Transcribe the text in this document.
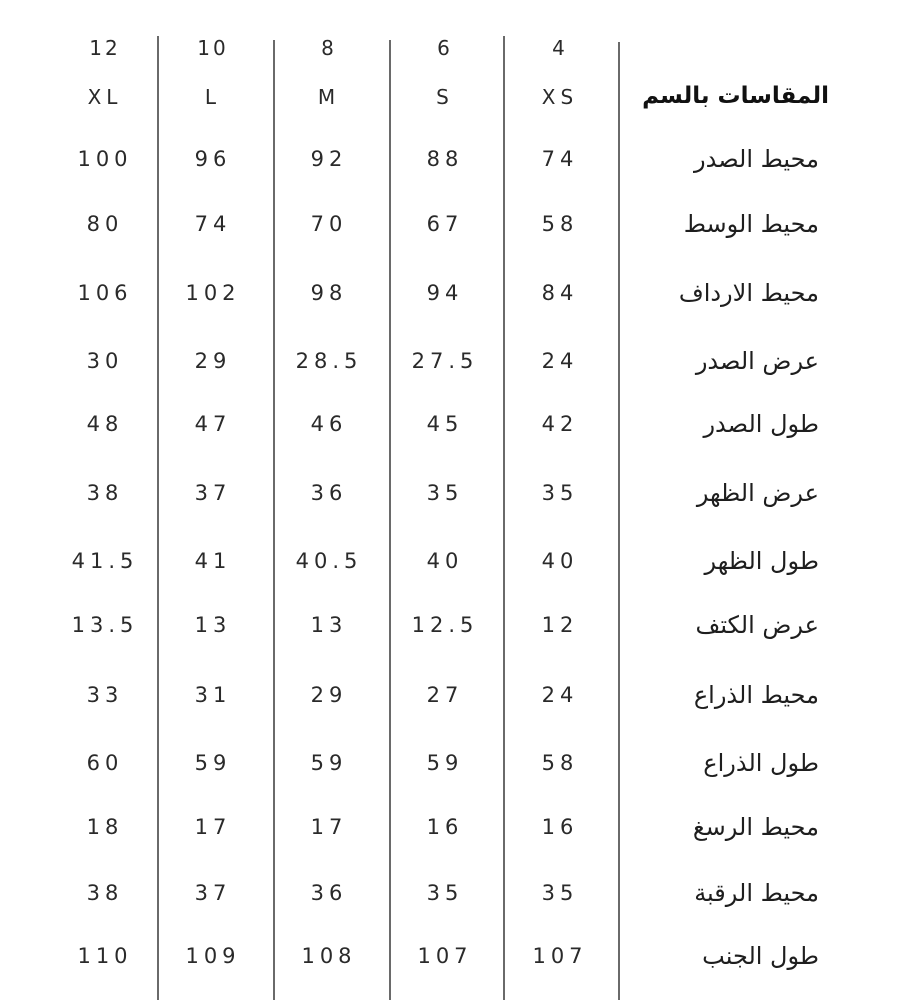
المقاسات بالسم
4
6
8
10
12
XS
S
M
L
XL
محيط الصدر
74
88
92
96
100
محيط الوسط
58
67
70
74
80
محيط الارداف
84
94
98
102
106
عرض الصدر
24
27.5
28.5
29
30
طول الصدر
42
45
46
47
48
عرض الظهر
35
35
36
37
38
طول الظهر
40
40
40.5
41
41.5
عرض الكتف
12
12.5
13
13
13.5
محيط الذراع
24
27
29
31
33
طول الذراع
58
59
59
59
60
محيط الرسغ
16
16
17
17
18
محيط الرقبة
35
35
36
37
38
طول الجنب
107
107
108
109
110
